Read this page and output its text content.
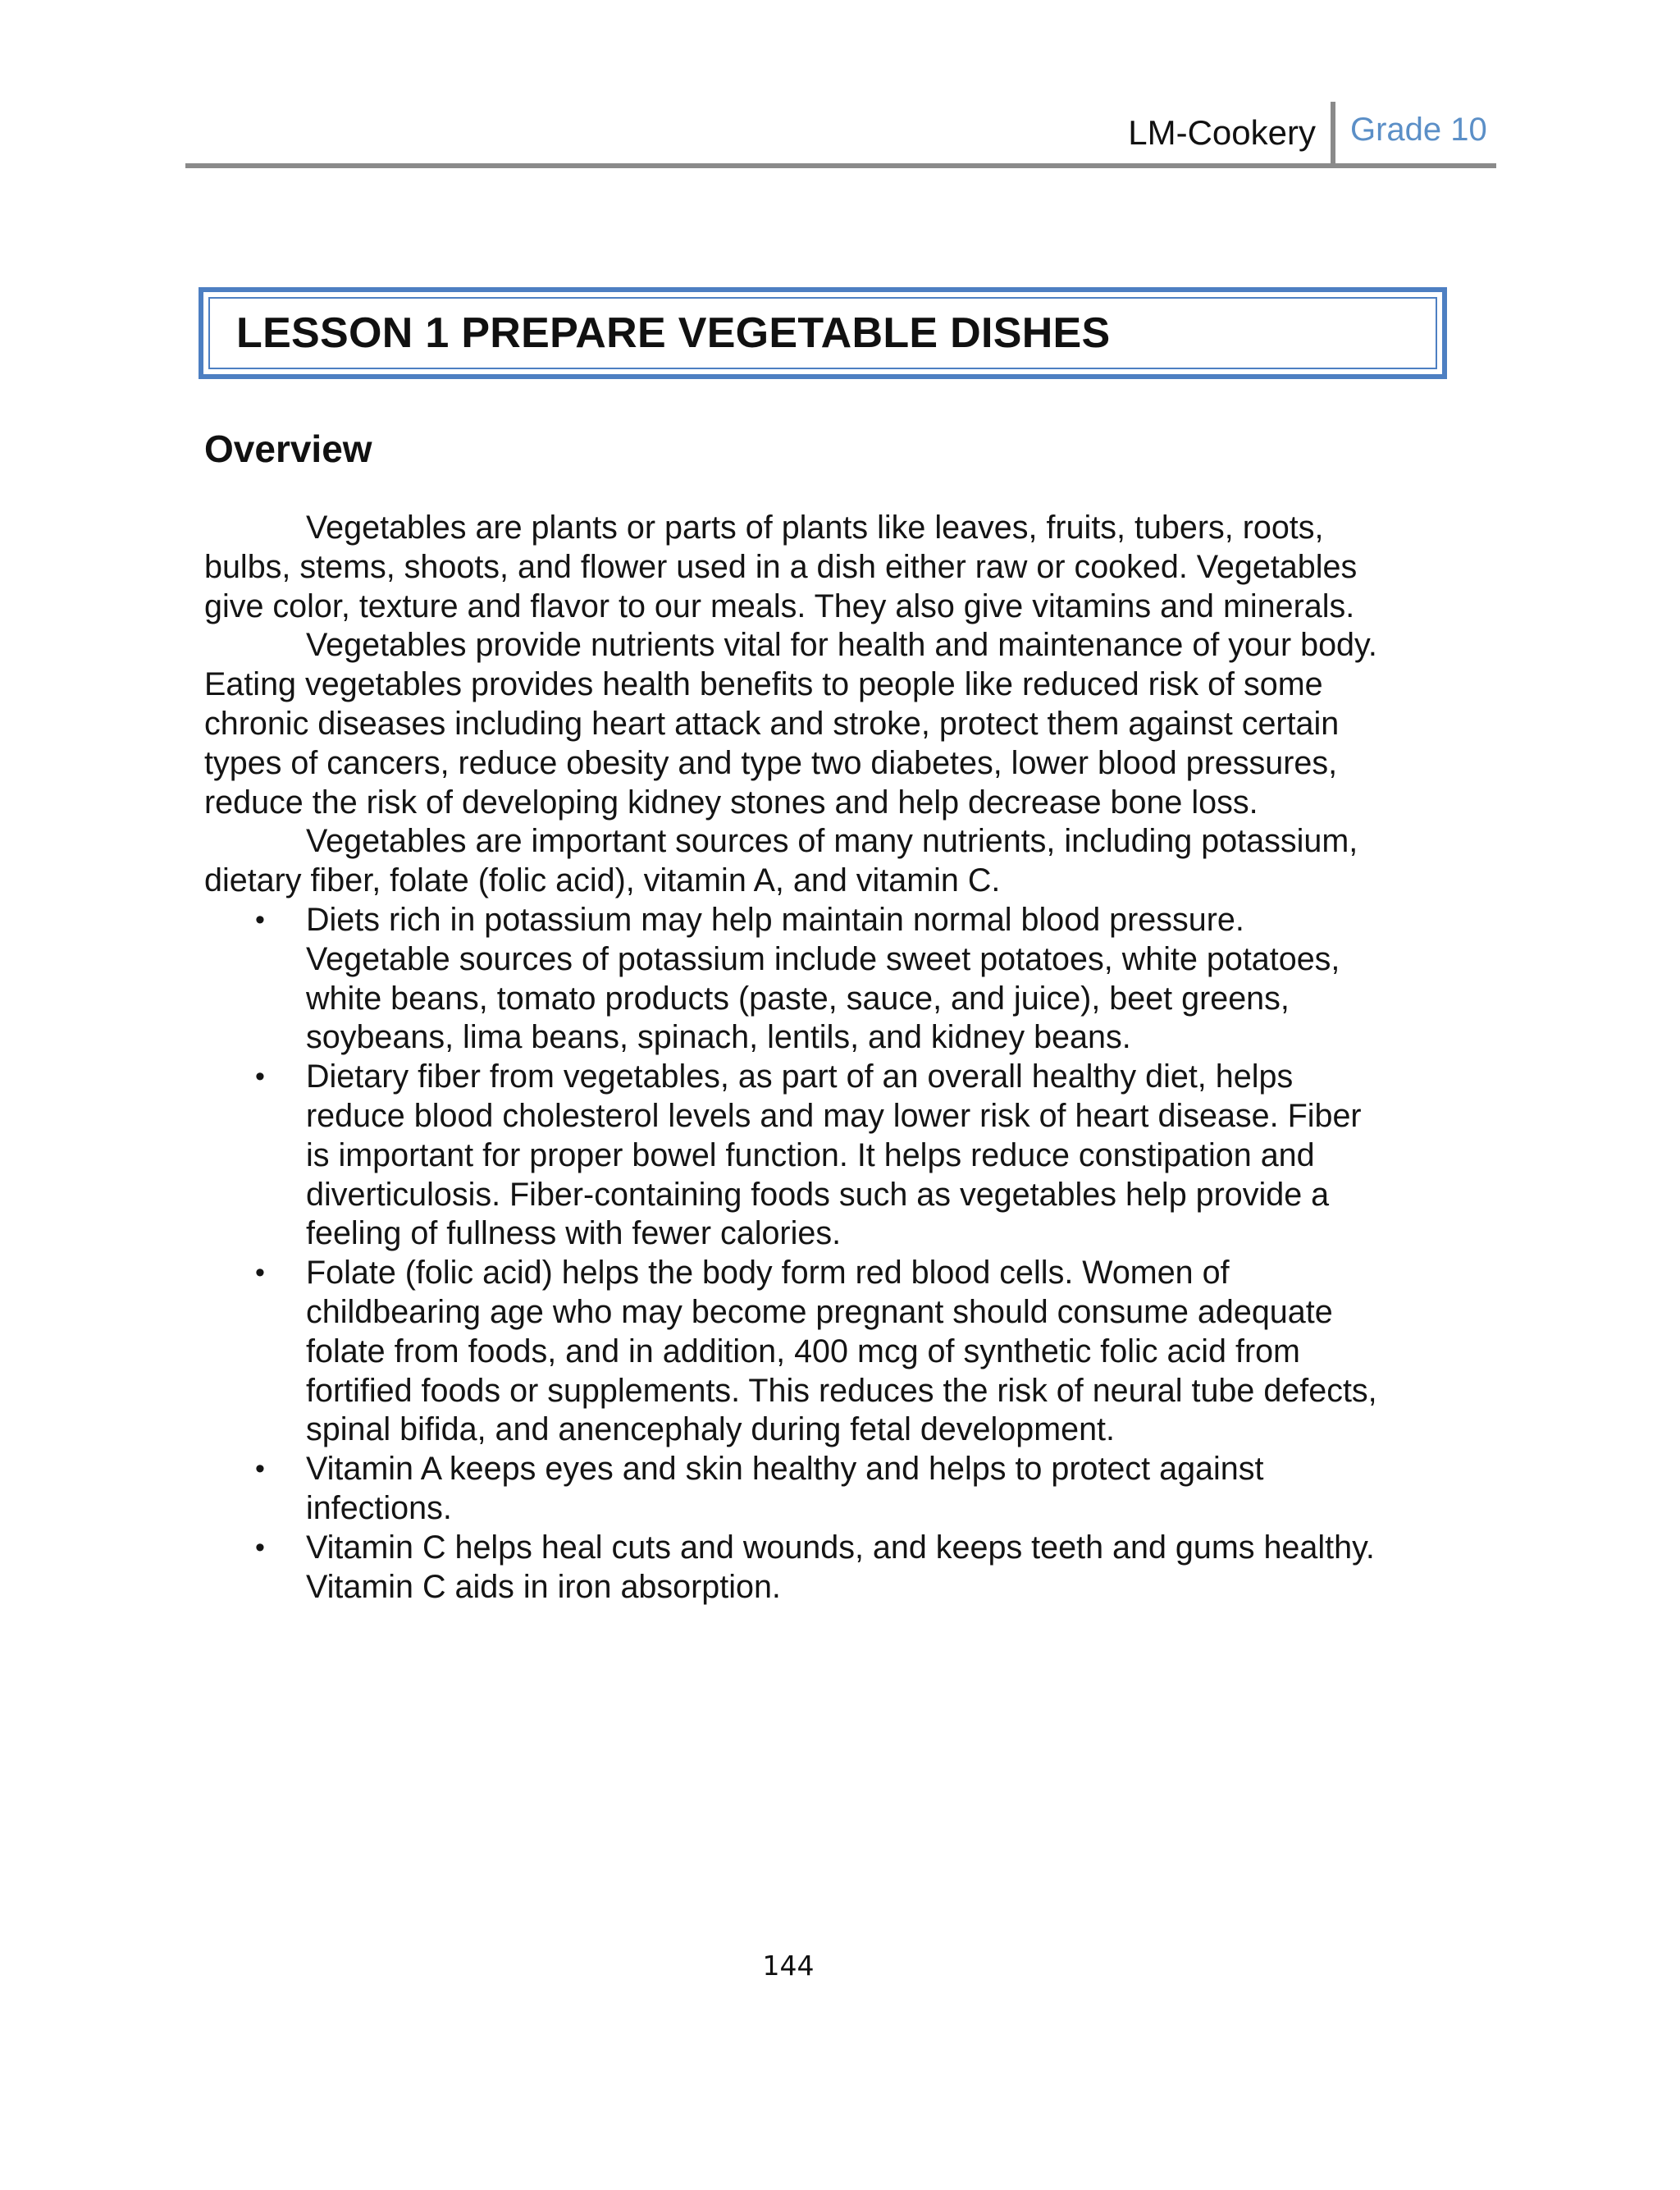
LM-Cookery Grade 10
LESSON 1 PREPARE VEGETABLE DISHES
Overview

Vegetables are plants or parts of plants like leaves, fruits, tubers, roots, bulbs, stems, shoots, and flower used in a dish either raw or cooked. Vegetables give color, texture and flavor to our meals. They also give vitamins and minerals.

Vegetables provide nutrients vital for health and maintenance of your body. Eating vegetables provides health benefits to people like reduced risk of some chronic diseases including heart attack and stroke, protect them against certain types of cancers, reduce obesity and type two diabetes, lower blood pressures, reduce the risk of developing kidney stones and help decrease bone loss.

Vegetables are important sources of many nutrients, including potassium, dietary fiber, folate (folic acid), vitamin A, and vitamin C.

• Diets rich in potassium may help maintain normal blood pressure. Vegetable sources of potassium include sweet potatoes, white potatoes, white beans, tomato products (paste, sauce, and juice), beet greens, soybeans, lima beans, spinach, lentils, and kidney beans.
• Dietary fiber from vegetables, as part of an overall healthy diet, helps reduce blood cholesterol levels and may lower risk of heart disease. Fiber is important for proper bowel function. It helps reduce constipation and diverticulosis. Fiber-containing foods such as vegetables help provide a feeling of fullness with fewer calories.
• Folate (folic acid) helps the body form red blood cells. Women of childbearing age who may become pregnant should consume adequate folate from foods, and in addition, 400 mcg of synthetic folic acid from fortified foods or supplements. This reduces the risk of neural tube defects, spinal bifida, and anencephaly during fetal development.
• Vitamin A keeps eyes and skin healthy and helps to protect against infections.
• Vitamin C helps heal cuts and wounds, and keeps teeth and gums healthy. Vitamin C aids in iron absorption.
144
